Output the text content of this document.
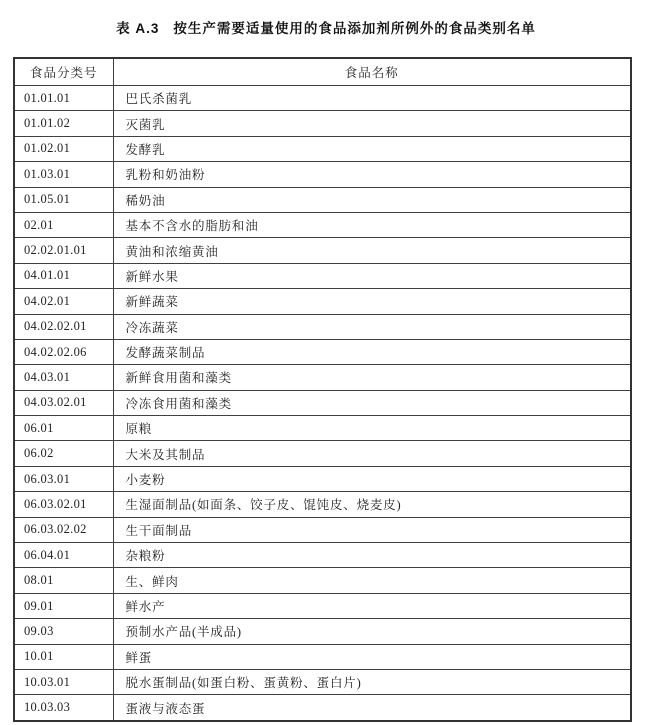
表 A.3 按生产需要适量使用的食品添加剂所例外的食品类别名单
食品分类号	食品名称
01.01.01	巴氏杀菌乳
01.01.02	灭菌乳
01.02.01	发酵乳
01.03.01	乳粉和奶油粉
01.05.01	稀奶油
02.01	基本不含水的脂肪和油
02.02.01.01	黄油和浓缩黄油
04.01.01	新鲜水果
04.02.01	新鲜蔬菜
04.02.02.01	冷冻蔬菜
04.02.02.06	发酵蔬菜制品
04.03.01	新鲜食用菌和藻类
04.03.02.01	冷冻食用菌和藻类
06.01	原粮
06.02	大米及其制品
06.03.01	小麦粉
06.03.02.01	生湿面制品(如面条、饺子皮、馄饨皮、烧麦皮)
06.03.02.02	生干面制品
06.04.01	杂粮粉
08.01	生、鲜肉
09.01	鲜水产
09.03	预制水产品(半成品)
10.01	鲜蛋
10.03.01	脱水蛋制品(如蛋白粉、蛋黄粉、蛋白片)
10.03.03	蛋液与液态蛋
